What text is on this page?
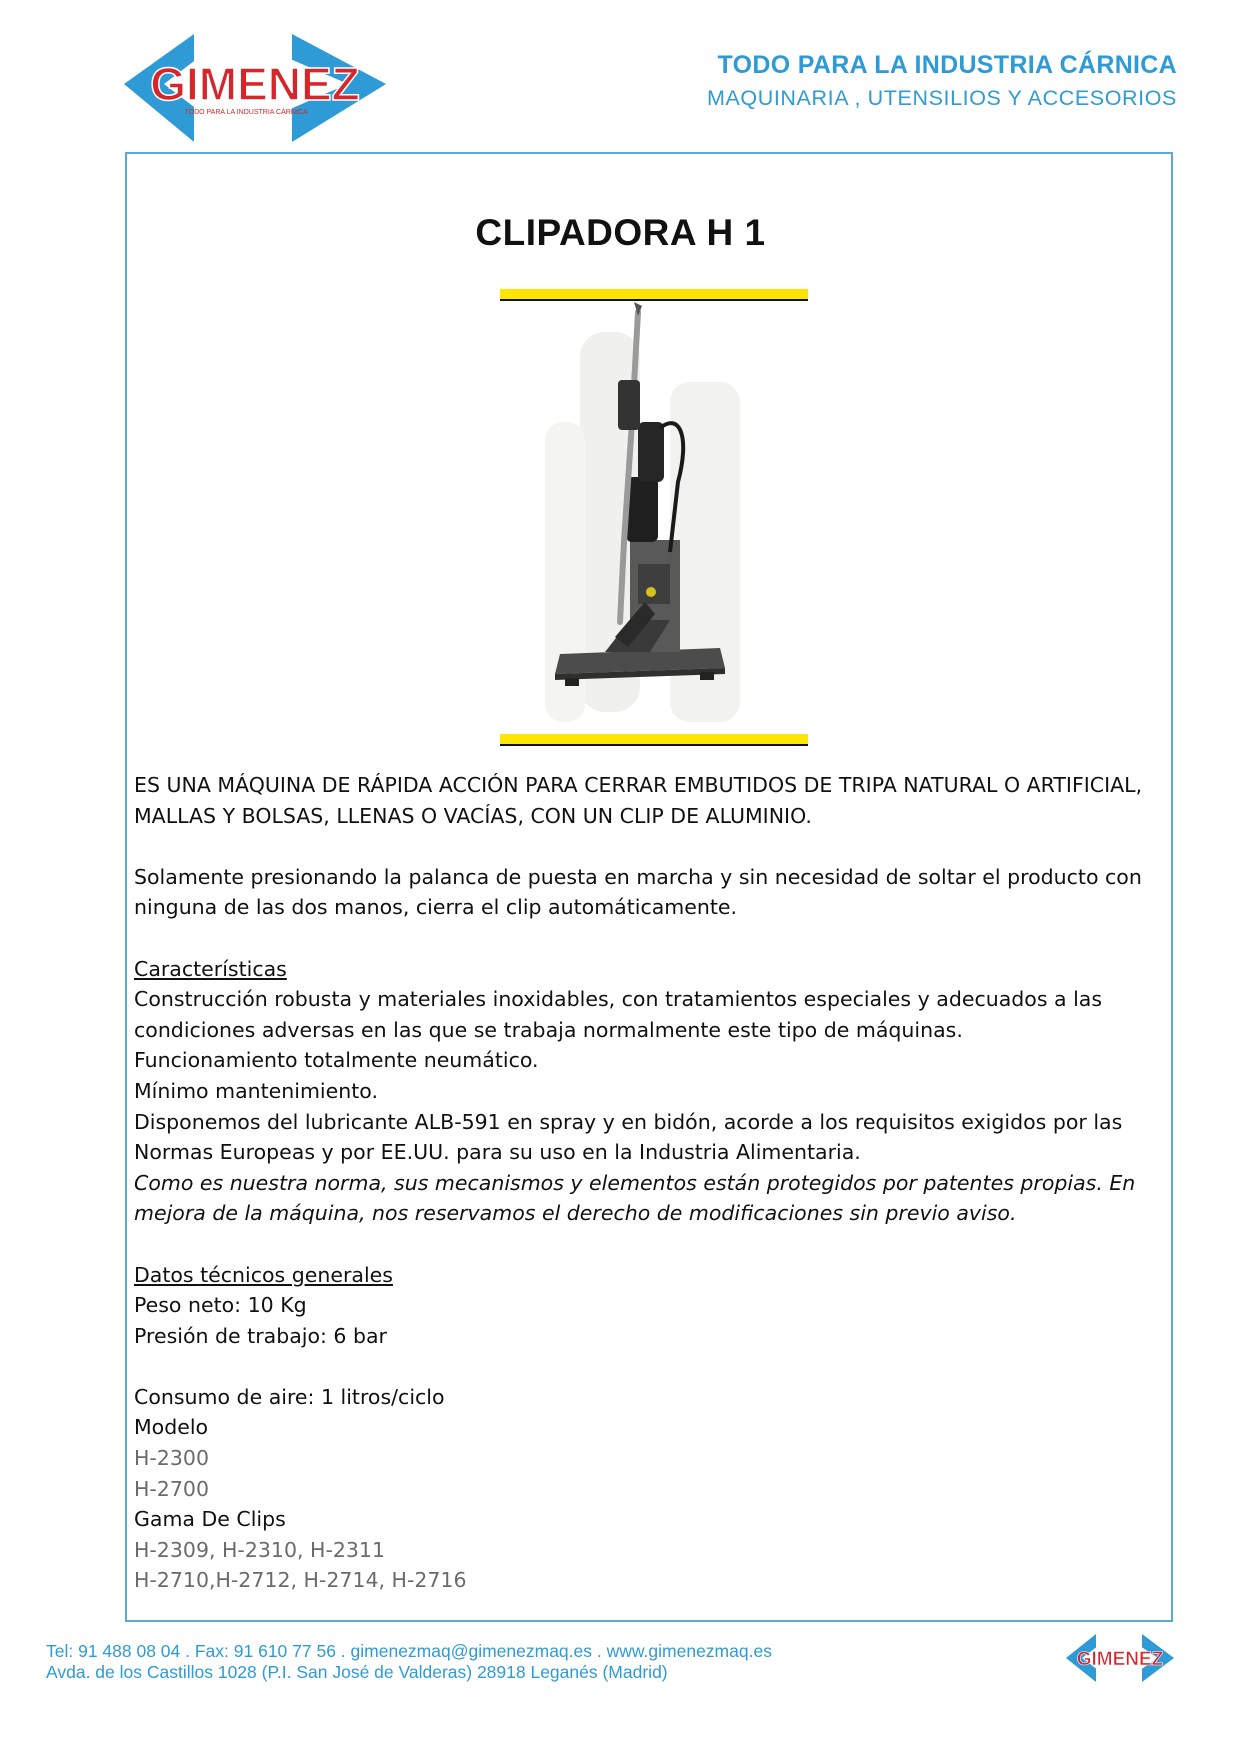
GIMENEZ
TODO PARA LA INDUSTRIA CÁRNICA
TODO PARA LA INDUSTRIA CÁRNICA
MAQUINARIA , UTENSILIOS Y ACCESORIOS
CLIPADORA H 1

ES UNA MÁQUINA DE RÁPIDA ACCIÓN PARA CERRAR EMBUTIDOS DE TRIPA NATURAL O ARTIFICIAL,

MALLAS Y BOLSAS, LLENAS O VACÍAS, CON UN CLIP DE ALUMINIO.

Solamente presionando la palanca de puesta en marcha y sin necesidad de soltar el producto con

ninguna de las dos manos, cierra el clip automáticamente.

Características

Construcción robusta y materiales inoxidables, con tratamientos especiales y adecuados a las

condiciones adversas en las que se trabaja normalmente este tipo de máquinas.

Funcionamiento totalmente neumático.

Mínimo mantenimiento.

Disponemos del lubricante ALB-591 en spray y en bidón, acorde a los requisitos exigidos por las

Normas Europeas y por EE.UU. para su uso en la Industria Alimentaria.

Como es nuestra norma, sus mecanismos y elementos están protegidos por patentes propias. En

mejora de la máquina, nos reservamos el derecho de modificaciones sin previo aviso.

Datos técnicos generales

Peso neto: 10 Kg

Presión de trabajo: 6 bar

Consumo de aire: 1 litros/ciclo

Modelo

H-2300

H-2700

Gama De Clips

H-2309, H-2310, H-2311

H-2710,H-2712, H-2714, H-2716

Tel: 91 488 08 04 . Fax: 91 610 77 56 . gimenezmaq@gimenezmaq.es . www.gimenezmaq.es
Avda. de los Castillos 1028 (P.I. San José de Valderas) 28918 Leganés (Madrid)
GIMENEZ
